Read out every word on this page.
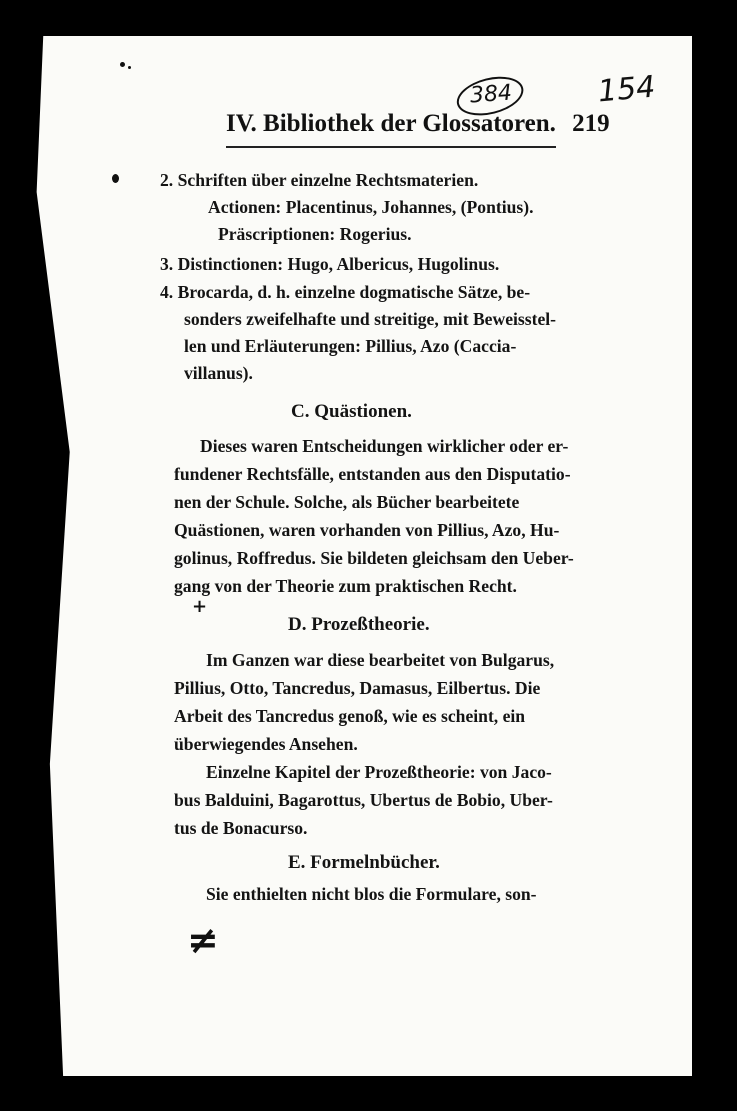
384	154
IV. Bibliothek der Glossatoren. 219
2. Schriften über einzelne Rechtsmaterien.
Actionen: Placentinus, Johannes, (Pontius).
Präscriptionen: Rogerius.
3. Distinctionen: Hugo, Albericus, Hugolinus.
4. Brocarda, d. h. einzelne dogmatische Sätze, be-
sonders zweifelhafte und streitige, mit Beweisstel-
len und Erläuterungen: Pillius, Azo (Caccia-
villanus).
C. Quästionen.
Dieses waren Entscheidungen wirklicher oder er-
fundener Rechtsfälle, entstanden aus den Disputatio-
nen der Schule. Solche, als Bücher bearbeitete
Quästionen, waren vorhanden von Pillius, Azo, Hu-
golinus, Roffredus. Sie bildeten gleichsam den Ueber-
gang von der Theorie zum praktischen Recht.
+
D. Prozeßtheorie.
Im Ganzen war diese bearbeitet von Bulgarus,
Pillius, Otto, Tancredus, Damasus, Eilbertus. Die
Arbeit des Tancredus genoß, wie es scheint, ein
überwiegendes Ansehen.
Einzelne Kapitel der Prozeßtheorie: von Jaco-
bus Balduini, Bagarottus, Ubertus de Bobio, Uber-
tus de Bonacurso.
E. Formelnbücher.
Sie enthielten nicht blos die Formulare, son-
≠
